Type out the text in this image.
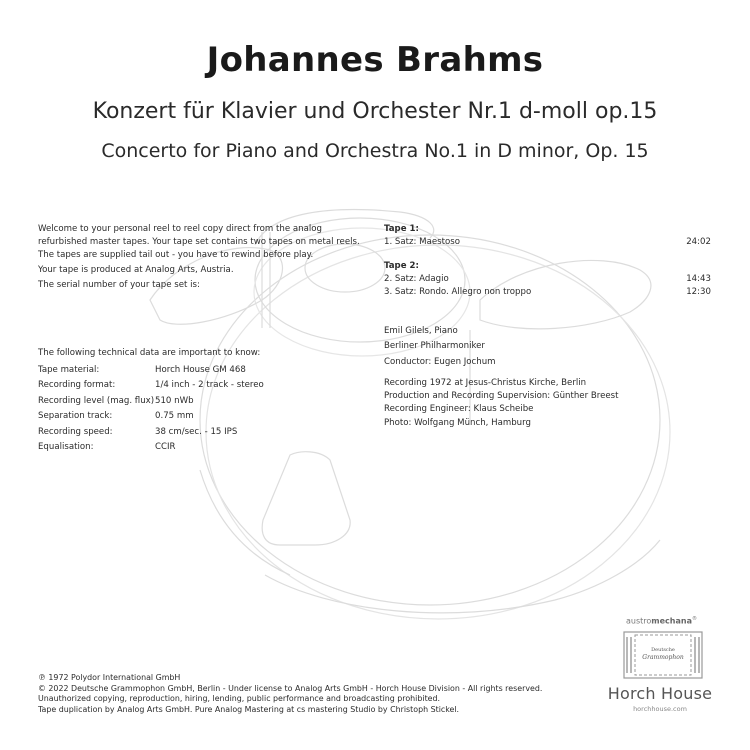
Johannes Brahms
Konzert für Klavier und Orchester Nr.1 d-moll op.15
Concerto for Piano and Orchestra No.1 in D minor, Op. 15

Welcome to your personal reel to reel copy direct from the analog refurbished master tapes. Your tape set contains two tapes on metal reels. The tapes are supplied tail out - you have to rewind before play.

Your tape is produced at Analog Arts, Austria.

The serial number of your tape set is:

The following technical data are important to know:
Tape material:	Horch House GM 468
Recording format:	1/4 inch - 2 track - stereo
Recording level (mag. flux)	510 nWb
Separation track:	0.75 mm
Recording speed:	38 cm/sec. - 15 IPS
Equalisation:	CCIR
Tape 1:
1. Satz: Maestoso	24:02
Tape 2:
2. Satz: Adagio	14:43
3. Satz: Rondo. Allegro non troppo	12:30
Emil Gilels, Piano
Berliner Philharmoniker
Conductor: Eugen Jochum
Recording 1972 at Jesus-Christus Kirche, Berlin
Production and Recording Supervision: Günther Breest
Recording Engineer: Klaus Scheibe
Photo: Wolfgang Münch, Hamburg
℗ 1972 Polydor International GmbH
© 2022 Deutsche Grammophon GmbH, Berlin - Under license to Analog Arts GmbH - Horch House Division - All rights reserved.
Unauthorized copying, reproduction, hiring, lending, public performance and broadcasting prohibited.
Tape duplication by Analog Arts GmbH. Pure Analog Mastering at cs mastering Studio by Christoph Stickel.
austromechana®
Deutsche
Grammophon
Horch House
horchhouse.com
